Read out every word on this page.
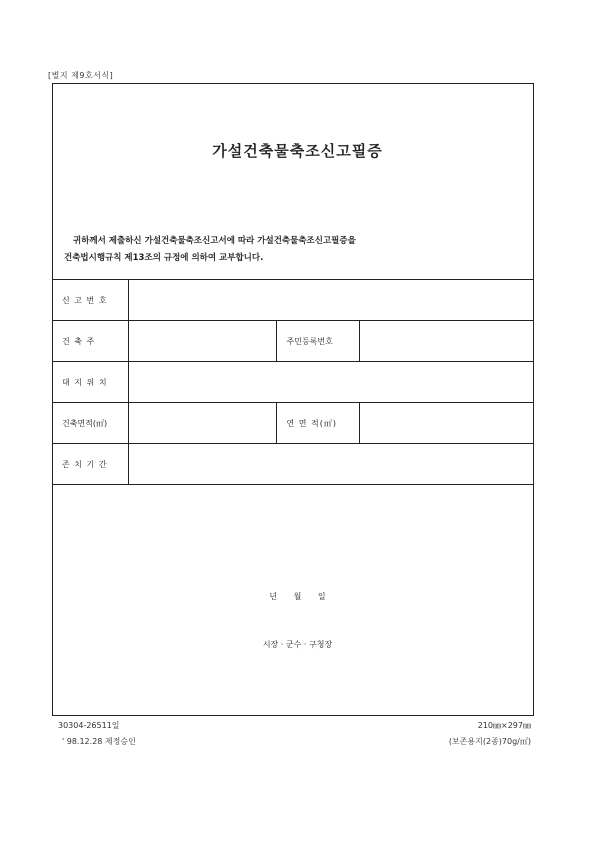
[별지 제9호서식]
가설건축물축조신고필증
귀하께서 제출하신 가설건축물축조신고서에 따라 가설건축물축조신고필증을
건축법시행규칙 제13조의 규정에 의하여 교부합니다.
신 고 번 호			
건 축 주		주민등록번호	
대 지 위 치			
건축면적(㎡)		연 면 적(㎡)	
존 치 기 간			
년 월 일
시장 · 군수 · 구청장
30304-26511일
' 98.12.28 제정승인
210㎜×297㎜
(보존용지(2종)70g/㎡)
